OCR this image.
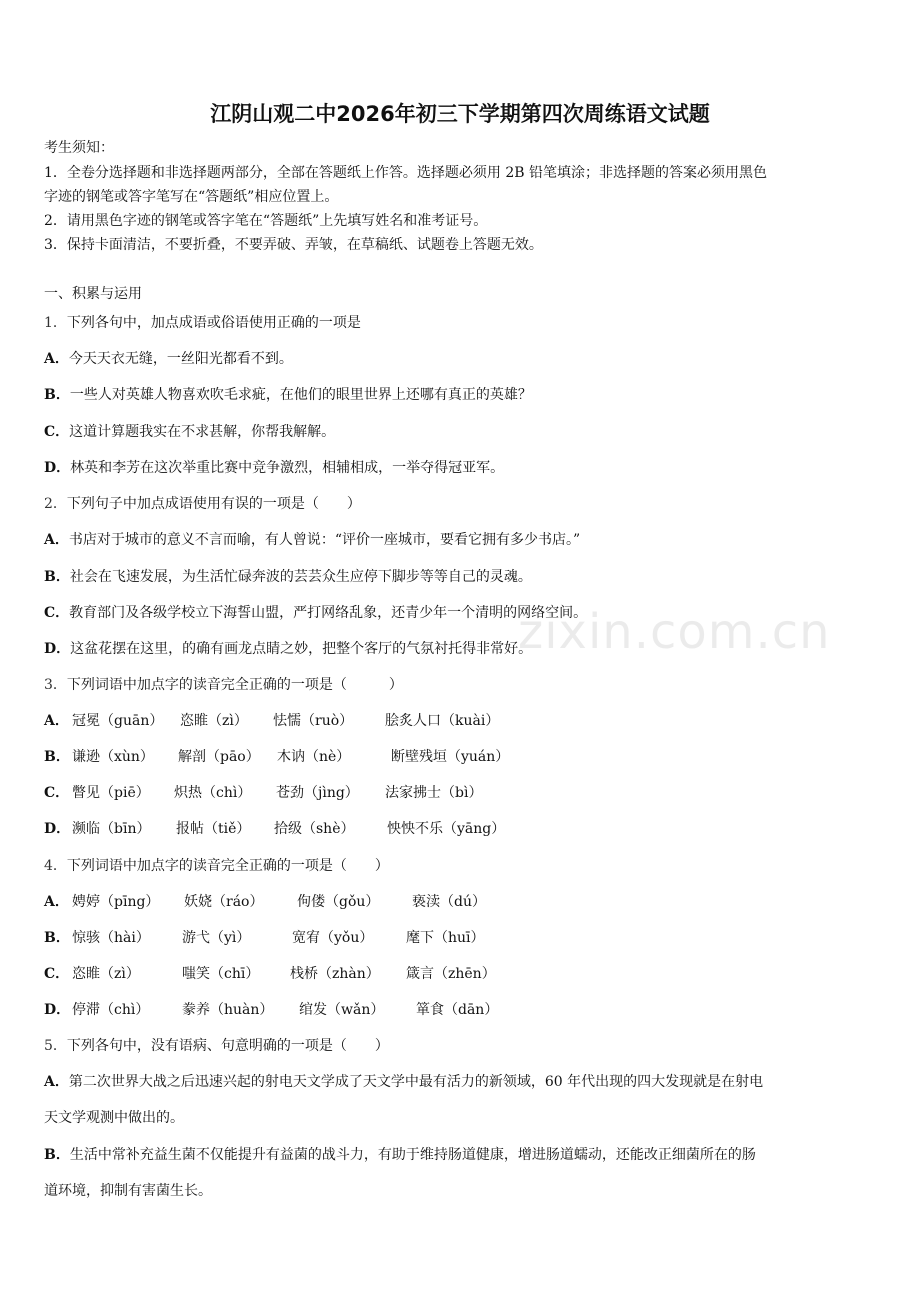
zixin.com.cn
江阴山观二中2026年初三下学期第四次周练语文试题
考生须知：
1．全卷分选择题和非选择题两部分，全部在答题纸上作答。选择题必须用 2B 铅笔填涂；非选择题的答案必须用黑色
字迹的钢笔或答字笔写在“答题纸”相应位置上。
2．请用黑色字迹的钢笔或答字笔在“答题纸”上先填写姓名和准考证号。
3．保持卡面清洁，不要折叠，不要弄破、弄皱，在草稿纸、试题卷上答题无效。
一、积累与运用
1．下列各句中，加点成语或俗语使用正确的一项是
A．今天天衣无缝，一丝阳光都看不到。
B．一些人对英雄人物喜欢吹毛求疵，在他们的眼里世界上还哪有真正的英雄？
C．这道计算题我实在不求甚解，你帮我解解。
D．林英和李芳在这次举重比赛中竞争激烈，相辅相成，一举夺得冠亚军。
2．下列句子中加点成语使用有误的一项是（　　）
A．书店对于城市的意义不言而喻，有人曾说：“评价一座城市，要看它拥有多少书店。”
B．社会在飞速发展，为生活忙碌奔波的芸芸众生应停下脚步等等自己的灵魂。
C．教育部门及各级学校立下海誓山盟，严打网络乱象，还青少年一个清明的网络空间。
D．这盆花摆在这里，的确有画龙点睛之妙，把整个客厅的气氛衬托得非常好。
3．下列词语中加点字的读音完全正确的一项是（　　　）
A． 冠冕（guān） 恣睢（zì） 怯懦（ruò） 脍炙人口（kuài）
B． 谦逊（xùn） 解剖（pāo） 木讷（nè）	断壁残垣（yuán）
C． 瞥见（piē） 炽热（chì） 苍劲（jìng） 法家拂士（bì）
D． 濒临（bīn） 报帖（tiě） 拾级（shè） 怏怏不乐（yāng）
4．下列词语中加点字的读音完全正确的一项是（　　）
A． 娉婷（pīng） 妖娆（ráo） 佝偻（gǒu） 亵渎（dú）
B． 惊骇（hài） 游弋（yì）	宽宥（yǒu） 麾下（huī）
C． 恣睢（zì）	嗤笑（chī） 栈桥（zhàn） 箴言（zhēn）
D． 停滞（chì） 豢养（huàn） 绾发（wǎn） 箪食（dān）
5．下列各句中，没有语病、句意明确的一项是（　　）
A．第二次世界大战之后迅速兴起的射电天文学成了天文学中最有活力的新领域，60 年代出现的四大发现就是在射电
天文学观测中做出的。
B．生活中常补充益生菌不仅能提升有益菌的战斗力，有助于维持肠道健康，增进肠道蠕动，还能改正细菌所在的肠
道环境，抑制有害菌生长。
